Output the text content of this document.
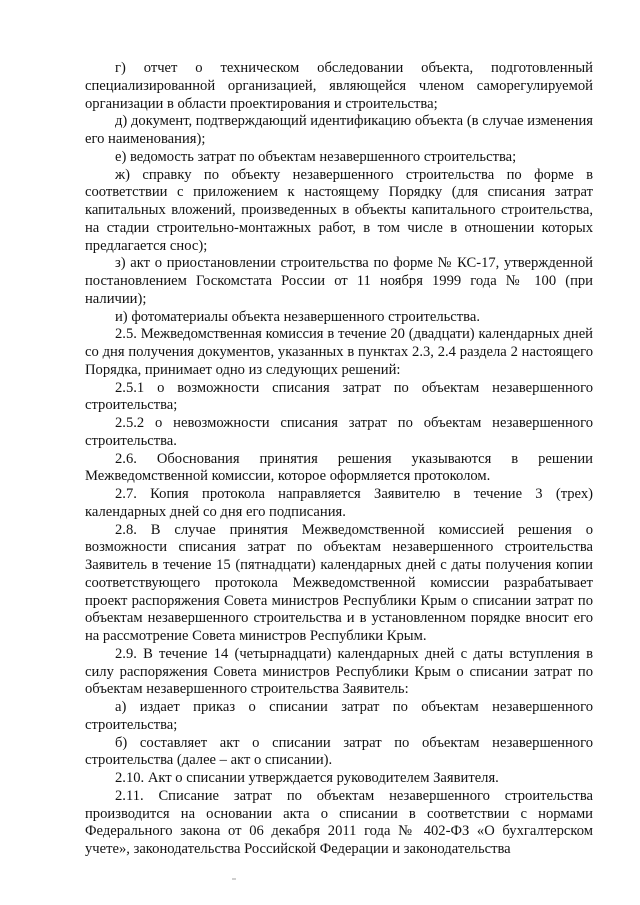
г) отчет о техническом обследовании объекта, подготовленный специализированной организацией, являющейся членом саморегулируемой организации в области проектирования и строительства;

д) документ, подтверждающий идентификацию объекта (в случае изменения его наименования);

е) ведомость затрат по объектам незавершенного строительства;

ж) справку по объекту незавершенного строительства по форме в соответствии с приложением к настоящему Порядку (для списания затрат капитальных вложений, произведенных в объекты капитального строительства, на стадии строительно-монтажных работ, в том числе в отношении которых предлагается снос);

з) акт о приостановлении строительства по форме № КС-17, утвержденной постановлением Госкомстата России от 11 ноября 1999 года № 100 (при наличии);

и) фотоматериалы объекта незавершенного строительства.

2.5. Межведомственная комиссия в течение 20 (двадцати) календарных дней со дня получения документов, указанных в пунктах 2.3, 2.4 раздела 2 настоящего Порядка, принимает одно из следующих решений:

2.5.1 о возможности списания затрат по объектам незавершенного строительства;

2.5.2 о невозможности списания затрат по объектам незавершенного строительства.

2.6. Обоснования принятия решения указываются в решении Межведомственной комиссии, которое оформляется протоколом.

2.7. Копия протокола направляется Заявителю в течение 3 (трех) календарных дней со дня его подписания.

2.8. В случае принятия Межведомственной комиссией решения о возможности списания затрат по объектам незавершенного строительства Заявитель в течение 15 (пятнадцати) календарных дней с даты получения копии соответствующего протокола Межведомственной комиссии разрабатывает проект распоряжения Совета министров Республики Крым о списании затрат по объектам незавершенного строительства и в установленном порядке вносит его на рассмотрение Совета министров Республики Крым.

2.9. В течение 14 (четырнадцати) календарных дней с даты вступления в силу распоряжения Совета министров Республики Крым о списании затрат по объектам незавершенного строительства Заявитель:

а) издает приказ о списании затрат по объектам незавершенного строительства;

б) составляет акт о списании затрат по объектам незавершенного строительства (далее – акт о списании).

2.10. Акт о списании утверждается руководителем Заявителя.

2.11. Списание затрат по объектам незавершенного строительства производится на основании акта о списании в соответствии с нормами Федерального закона от 06 декабря 2011 года № 402-ФЗ «О бухгалтерском учете», законодательства Российской Федерации и законодательства
